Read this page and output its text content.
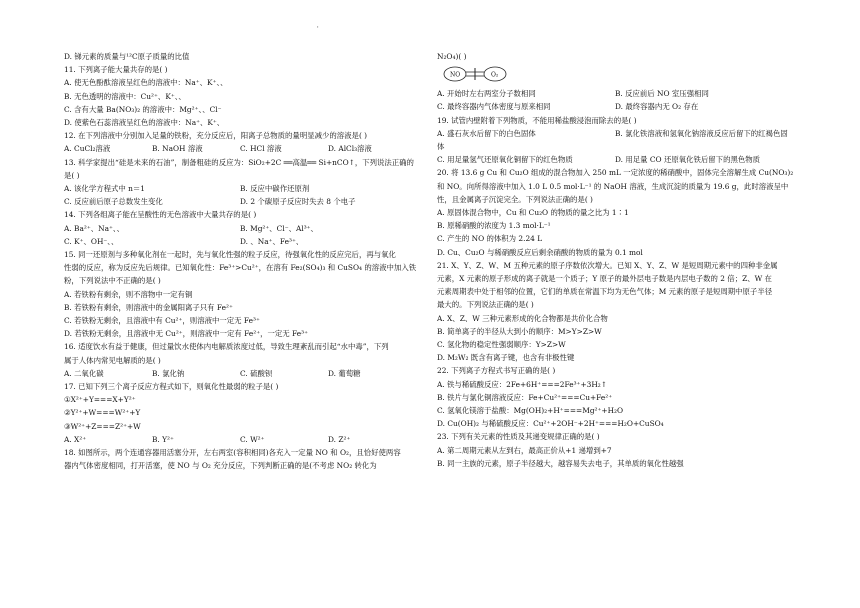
'
D. 锑元素的质量与¹²C原子质量的比值
11. 下列离子能大量共存的是( )
A. 使无色酚酞溶液呈红色的溶液中：Na⁺、K⁺、、
B. 无色透明的溶液中：Cu²⁺、K⁺、、
C. 含有大量 Ba(NO₃)₂ 的溶液中：Mg²⁺、、Cl⁻
D. 使紫色石蕊溶液呈红色的溶液中：Na⁺、K⁺、
12. 在下列溶液中分别加入足量的铁粉，充分反应后，阳离子总物质的量明显减少的溶液是( )
A. CuCl₂溶液	B. NaOH 溶液	C. HCl 溶液	D. AlCl₃溶液
13. 科学家提出“硅是未来的石油”，制备粗硅的反应为：SiO₂+2C ══高温══ Si+nCO↑，下列说法正确的
是( )
A. 该化学方程式中 n＝1	B. 反应中碳作还原剂
C. 反应前后原子总数发生变化	D. 2 个碳原子反应时失去 8 个电子
14. 下列各组离子能在呈酸性的无色溶液中大量共存的是( )
A. Ba²⁺、Na⁺、、	B. Mg²⁺、Cl⁻、Al³⁺、
C. K⁺、OH⁻、、	D. 、Na⁺、Fe³⁺、
15. 同一还原剂与多种氧化剂在一起时，先与氧化性强的粒子反应，待强氧化性的反应完后，再与氧化
性弱的反应，称为反应先后规律。已知氧化性：Fe³⁺>Cu²⁺，在溶有 Fe₂(SO₄)₃ 和 CuSO₄ 的溶液中加入铁
粉，下列说法中不正确的是( )
A. 若铁粉有剩余，则不溶物中一定有铜
B. 若铁粉有剩余，则溶液中的金属阳离子只有 Fe²⁺
C. 若铁粉无剩余，且溶液中有 Cu²⁺，则溶液中一定无 Fe³⁺
D. 若铁粉无剩余，且溶液中无 Cu²⁺，则溶液中一定有 Fe²⁺，一定无 Fe³⁺
16. 适度饮水有益于健康，但过量饮水使体内电解质浓度过低，导致生理紊乱而引起“水中毒”，下列
属于人体内常见电解质的是( )
A. 二氧化碳	B. 氯化钠	C. 硫酸钡	D. 葡萄糖
17. 已知下列三个离子反应方程式如下，则氧化性最弱的粒子是( )
①X²⁺+Y===X+Y²⁺
②Y²⁺+W===W²⁺+Y
③W²⁺+Z===Z²⁺+W
A. X²⁺	B. Y²⁺	C. W²⁺	D. Z²⁺
18. 如图所示，两个连通容器用活塞分开，左右两室(容积相同)各充入一定量 NO 和 O₂，且恰好使两容
器内气体密度相同，打开活塞，使 NO 与 O₂ 充分反应，下列判断正确的是(不考虑 NO₂ 转化为
N₂O₄)( )
NO	O₂
A. 开始时左右两室分子数相同	B. 反应前后 NO 室压强相同
C. 最终容器内气体密度与原来相同	D. 最终容器内无 O₂ 存在
19. 试管内壁附着下列物质，不能用稀盐酸浸泡而除去的是( )
A. 盛石灰水后留下的白色固体	B. 氯化铁溶液和氢氧化钠溶液反应后留下的红褐色固
体
C. 用足量氢气还原氧化铜留下的红色物质	D. 用足量 CO 还原氧化铁后留下的黑色物质
20. 将 13.6 g Cu 和 Cu₂O 组成的混合物加入 250 mL 一定浓度的稀硝酸中，固体完全溶解生成 Cu(NO₃)₂
和 NO。向所得溶液中加入 1.0 L 0.5 mol·L⁻¹ 的 NaOH 溶液，生成沉淀的质量为 19.6 g，此时溶液呈中
性，且金属离子沉淀完全。下列说法正确的是( )
A. 原固体混合物中，Cu 和 Cu₂O 的物质的量之比为 1∶1
B. 原稀硝酸的浓度为 1.3 mol·L⁻¹
C. 产生的 NO 的体积为 2.24 L
D. Cu、Cu₂O 与稀硝酸反应后剩余硝酸的物质的量为 0.1 mol
21. X、Y、Z、W、M 五种元素的原子序数依次增大。已知 X、Y、Z、W 是短周期元素中的四种非金属
元素，X 元素的原子形成的离子就是一个质子；Y 原子的最外层电子数是内层电子数的 2 倍；Z、W 在
元素周期表中处于相邻的位置，它们的单质在常温下均为无色气体；M 元素的原子是短周期中原子半径
最大的。下列说法正确的是( )
A. X、Z、W 三种元素形成的化合物都是共价化合物
B. 简单离子的半径从大到小的顺序：M>Y>Z>W
C. 氢化物的稳定性强弱顺序：Y>Z>W
D. M₂W₂ 既含有离子键，也含有非极性键
22. 下列离子方程式书写正确的是( )
A. 铁与稀硫酸反应：2Fe+6H⁺===2Fe³⁺+3H₂↑
B. 铁片与氯化铜溶液反应：Fe+Cu²⁺===Cu+Fe²⁺
C. 氢氧化镁溶于盐酸：Mg(OH)₂+H⁺===Mg²⁺+H₂O
D. Cu(OH)₂ 与稀硫酸反应：Cu²⁺+2OH⁻+2H⁺===H₂O+CuSO₄
23. 下列有关元素的性质及其递变规律正确的是( )
A. 第二周期元素从左到右，最高正价从+1 递增到+7
B. 同一主族的元素，原子半径越大，越容易失去电子，其单质的氧化性越强
